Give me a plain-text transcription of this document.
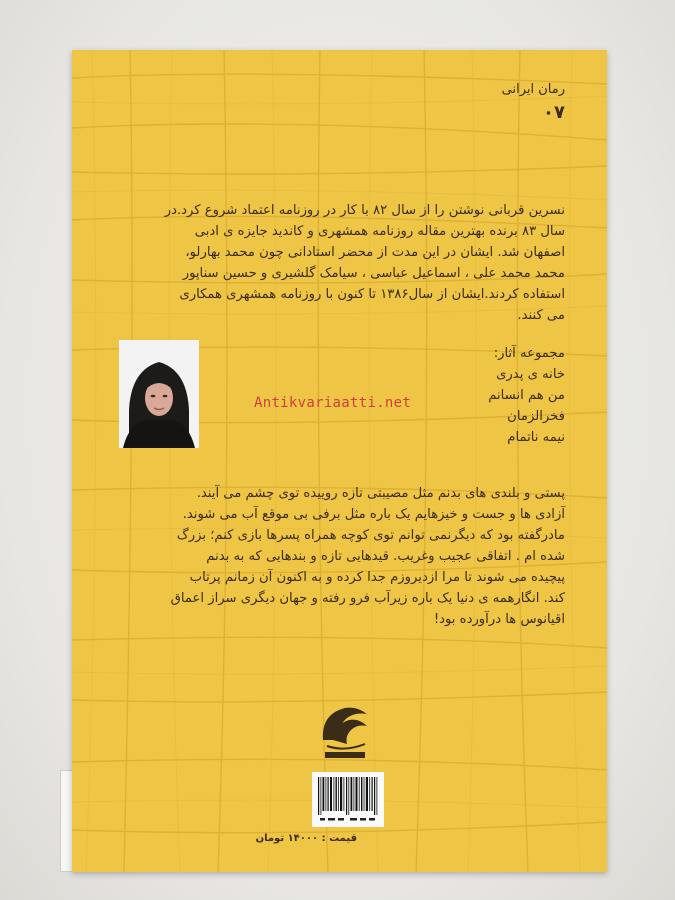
رمان ایرانی
۰۷
نسرین قربانی نوشتن را از سال ۸۲ با کار در روزنامه اعتماد شروع کرد.در
سال ۸۳ برنده بهترین مقاله روزنامه همشهری و کاندید جایزه ی ادبی
اصفهان شد. ایشان در این مدت از محضر استادانی چون محمد بهارلو،
محمد محمد علی ، اسماعیل عباسی ، سیامک گلشیری و حسین سناپور
استفاده کردند.ایشان از سال۱۳۸۶ تا کنون با روزنامه همشهری همکاری
می کنند.
مجموعه آثار:
خانه ی پدری
من هم انسانم
فخرالزمان
نیمه ناتمام
Antikvariaatti.net
پستی و بلندی های بدنم مثل مصیبتی تازه روییده توی چشم می آیند.
آزادی ها و جست و خیزهایم یک باره مثل برفی بی موقع آب می شوند.
مادرگفته بود که دیگرنمی توانم توی کوچه همراه پسرها بازی کنم؛ بزرگ
شده ام . اتفاقی عجیب وغریب. قیدهایی تازه و بندهایی که به بدنم
پیچیده می شوند تا مرا ازدیروزم جدا کرده و به اکنون آن زمانم پرتاب
کند. انگارهمه ی دنیا یک باره زیرآب فرو رفته و جهان دیگری سراز اعماق
اقیانوس ها درآورده بود!
قیمت : ۱۴۰۰۰ تومان
